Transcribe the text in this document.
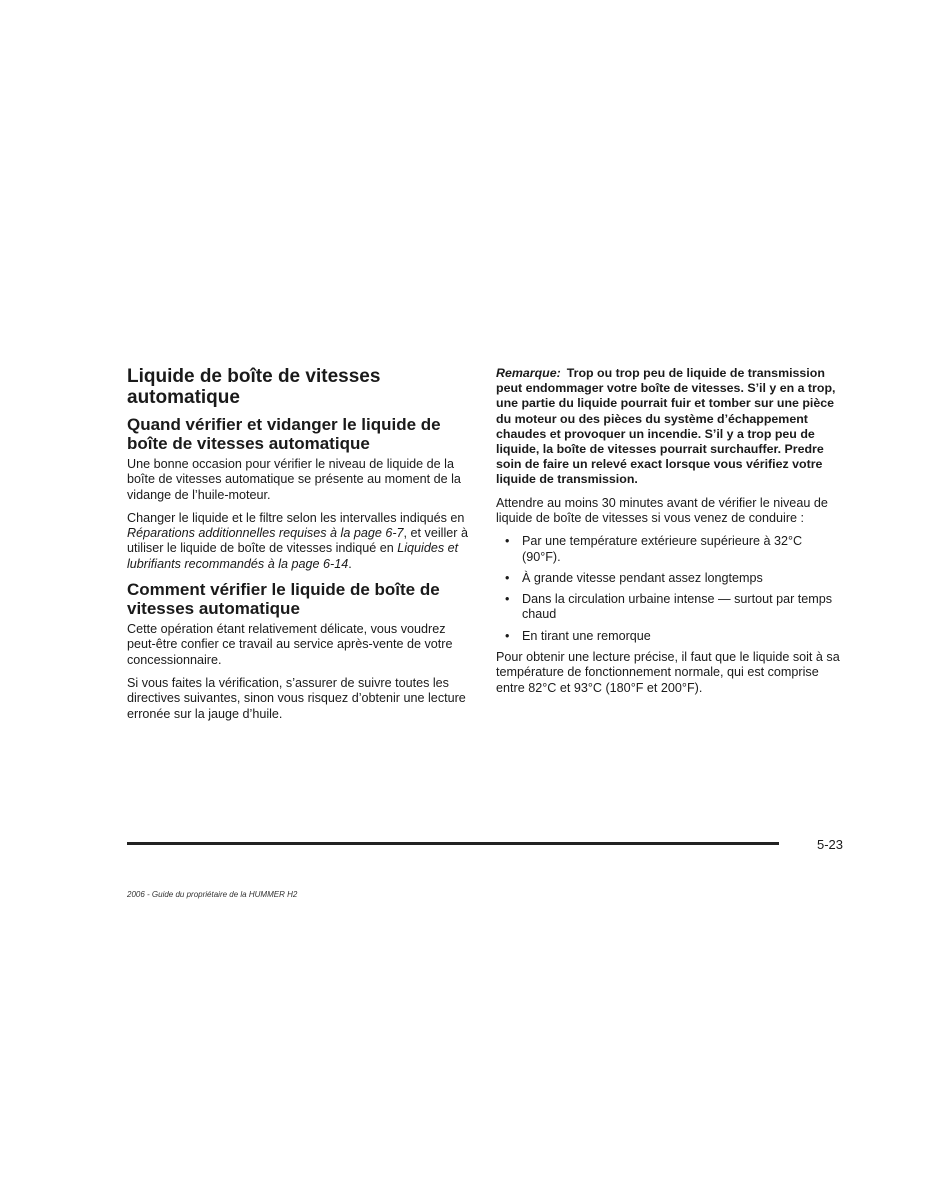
Liquide de boîte de vitesses automatique
Quand vérifier et vidanger le liquide de boîte de vitesses automatique

Une bonne occasion pour vérifier le niveau de liquide de la boîte de vitesses automatique se présente au moment de la vidange de l’huile-moteur.

Changer le liquide et le filtre selon les intervalles indiqués en Réparations additionnelles requises à la page 6-7, et veiller à utiliser le liquide de boîte de vitesses indiqué en Liquides et lubrifiants recommandés à la page 6-14.

Comment vérifier le liquide de boîte de vitesses automatique

Cette opération étant relativement délicate, vous voudrez peut-être confier ce travail au service après-vente de votre concessionnaire.

Si vous faites la vérification, s’assurer de suivre toutes les directives suivantes, sinon vous risquez d’obtenir une lecture erronée sur la jauge d’huile.

Remarque: Trop ou trop peu de liquide de transmission peut endommager votre boîte de vitesses. S’il y en a trop, une partie du liquide pourrait fuir et tomber sur une pièce du moteur ou des pièces du système d’échappement chaudes et provoquer un incendie. S’il y a trop peu de liquide, la boîte de vitesses pourrait surchauffer. Predre soin de faire un relevé exact lorsque vous vérifiez votre liquide de transmission.

Attendre au moins 30 minutes avant de vérifier le niveau de liquide de boîte de vitesses si vous venez de conduire :

• Par une température extérieure supérieure à 32°C (90°F).
• À grande vitesse pendant assez longtemps
• Dans la circulation urbaine intense — surtout par temps chaud
• En tirant une remorque

Pour obtenir une lecture précise, il faut que le liquide soit à sa température de fonctionnement normale, qui est comprise entre 82°C et 93°C (180°F et 200°F).

5-23
2006 - Guide du propriétaire de la HUMMER H2
